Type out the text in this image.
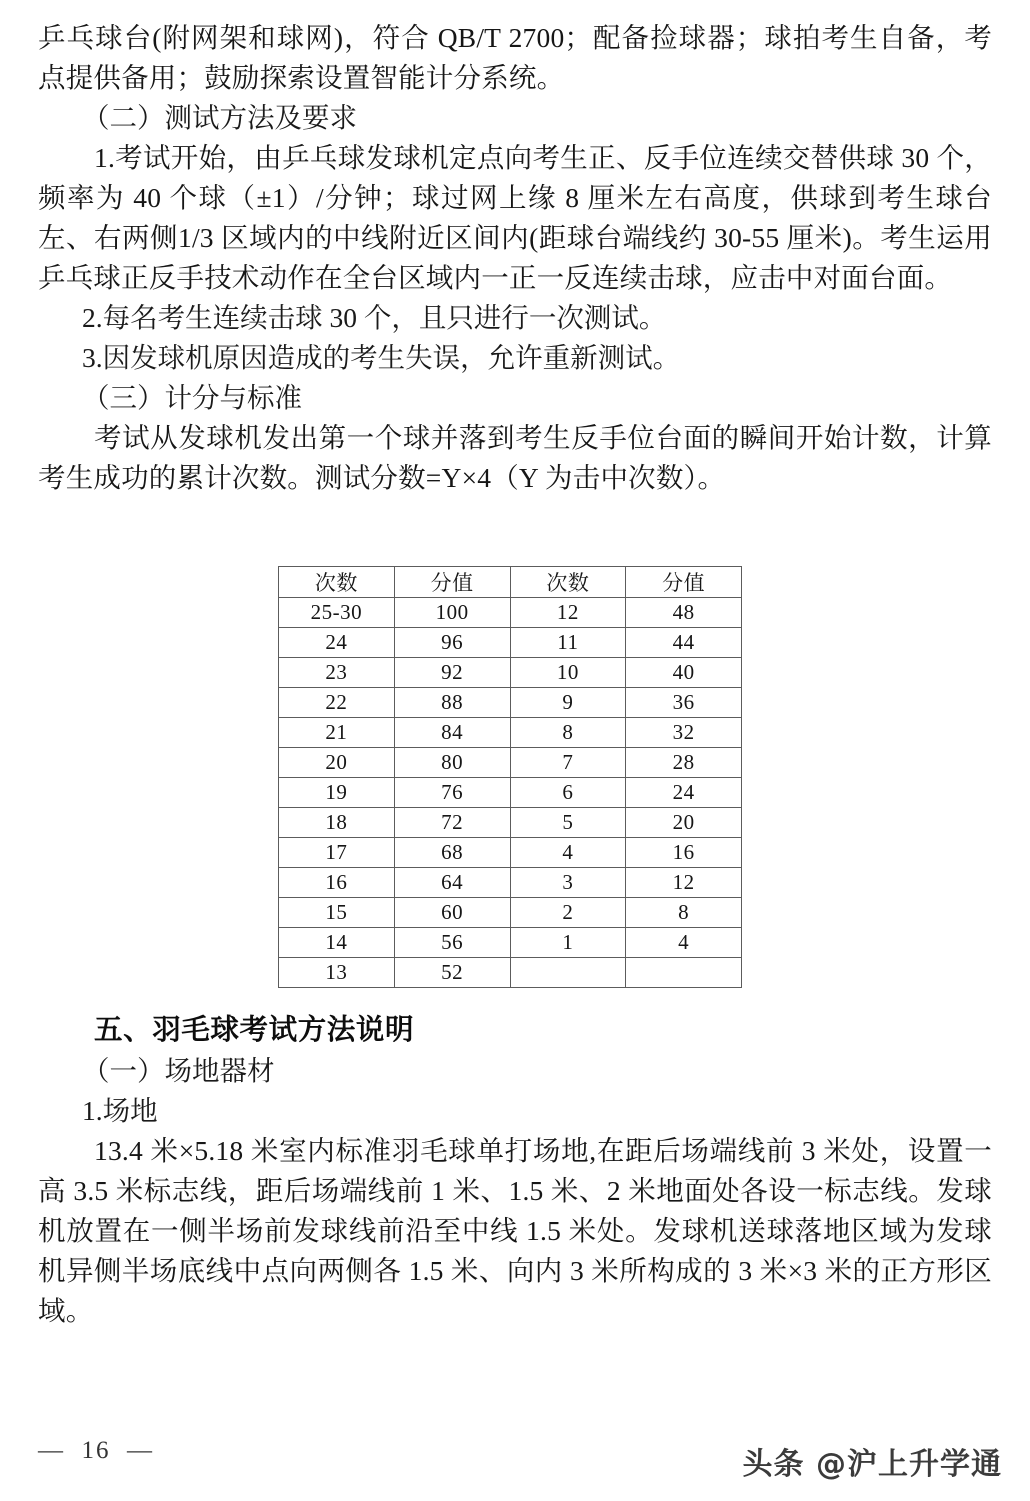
乒乓球台(附网架和球网)，符合 QB/T 2700；配备捡球器；球拍考生自备，考点提供备用；鼓励探索设置智能计分系统。

（二）测试方法及要求

1.考试开始，由乒乓球发球机定点向考生正、反手位连续交替供球 30 个，频率为 40 个球（±1）/分钟；球过网上缘 8 厘米左右高度，供球到考生球台左、右两侧1/3 区域内的中线附近区间内(距球台端线约 30-55 厘米)。考生运用乒乓球正反手技术动作在全台区域内一正一反连续击球，应击中对面台面。

2.每名考生连续击球 30 个，且只进行一次测试。

3.因发球机原因造成的考生失误，允许重新测试。

（三）计分与标准

考试从发球机发出第一个球并落到考生反手位台面的瞬间开始计数，计算考生成功的累计次数。测试分数=Y×4（Y 为击中次数）。

次数	分值	次数	分值
25-30	100	12	48
24	96	11	44
23	92	10	40
22	88	9	36
21	84	8	32
20	80	7	28
19	76	6	24
18	72	5	20
17	68	4	16
16	64	3	12
15	60	2	8
14	56	1	4
13	52		

五、羽毛球考试方法说明

（一）场地器材

1.场地

13.4 米×5.18 米室内标准羽毛球单打场地,在距后场端线前 3 米处，设置一高 3.5 米标志线，距后场端线前 1 米、1.5 米、2 米地面处各设一标志线。发球机放置在一侧半场前发球线前沿至中线 1.5 米处。发球机送球落地区域为发球机异侧半场底线中点向两侧各 1.5 米、向内 3 米所构成的 3 米×3 米的正方形区域。

—  16  —	头条 @沪上升学通
